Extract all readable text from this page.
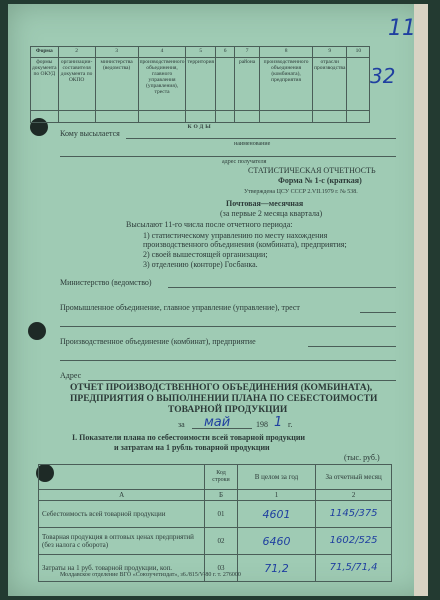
Форма	2	3	4	5	6	7	8	9	10
формы документа по ОКУД	организации-составителя документа по ОКПО	министерства (ведомства)	производственного объединения, главного управления (управления), треста	территория		района	производственного объединения (комбината), предприятия	отрасли производства	

КОДЫ									
11
32
Кому высылается
наименование
адрес получателя
СТАТИСТИЧЕСКАЯ ОТЧЕТНОСТЬ
Форма № 1-с (краткая)
Утверждена ЦСУ СССР 2.VII.1979 г. № 538.
Почтовая—месячная
(за первые 2 месяца квартала)
Высылают 11-го числа после отчетного периода:
1) статистическому управлению по месту нахождения производственного объединения (комбината), предприятия;
2) своей вышестоящей организации;
3) отделению (конторе) Госбанка.
Министерство (ведомство)
Промышленное объединение, главное управление (управление), трест
Производственное объединение (комбинат), предприятие
Адрес
ОТЧЕТ ПРОИЗВОДСТВЕННОГО ОБЪЕДИНЕНИЯ (КОМБИНАТА),
ПРЕДПРИЯТИЯ О ВЫПОЛНЕНИИ ПЛАНА ПО СЕБЕСТОИМОСТИ
ТОВАРНОЙ ПРОДУКЦИИ
за май	198 1 г.
I. Показатели плана по себестоимости всей товарной продукции
и затратам на 1 рубль товарной продукции
(тыс. руб.)
	Код строки	В целом за год	За отчетный месяц
А	Б	1	2
Себестоимость всей товарной продукции	01	4601	1145/375
Товарная продукция в оптовых ценах предприятий (без налога с оборота)	02	6460	1602/525
Затраты на 1 руб. товарной продукции, коп.	03	71,2	71,5/71,4
Молдавское отделение ВГО «Союзучетиздат», з6./815/V-80 г. т. 276000
